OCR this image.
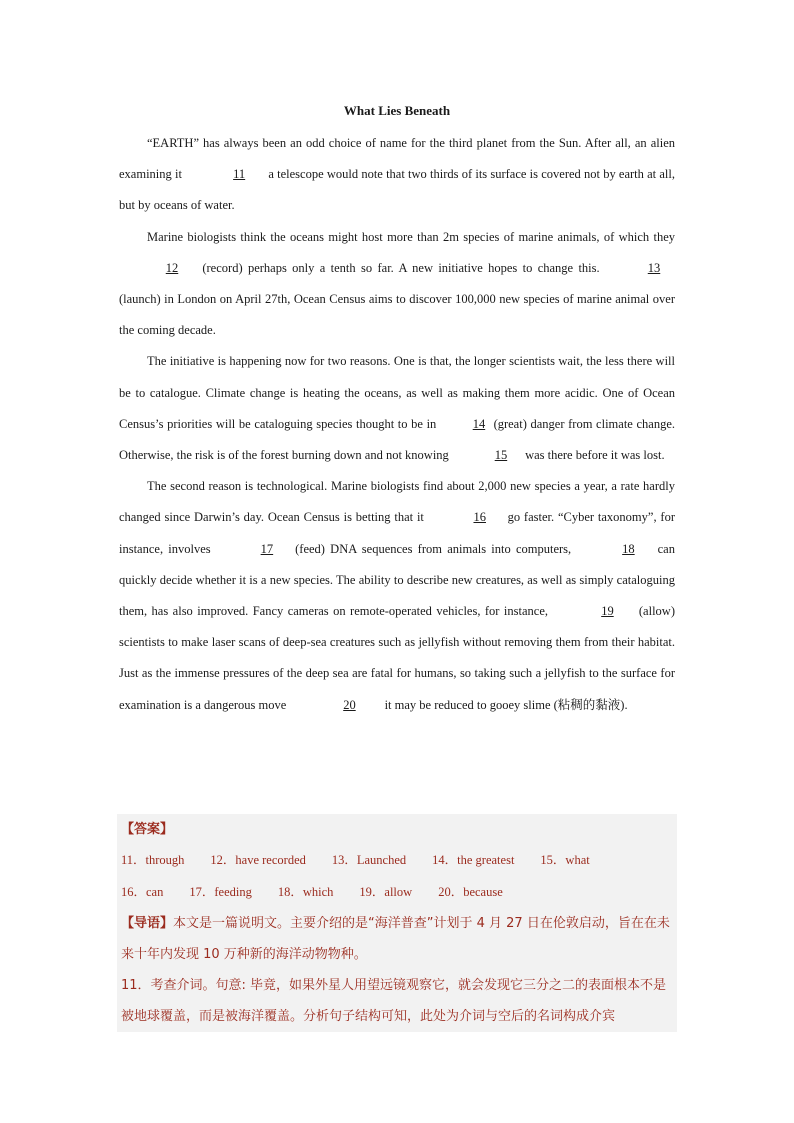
What Lies Beneath

“EARTH” has always been an odd choice of name for the third planet from the Sun. After all, an alien examining it	11 a telescope would note that two thirds of its surface is covered not by earth at all, but by oceans of water.

Marine biologists think the oceans might host more than 2m species of marine animals, of which they 12 (record) perhaps only a tenth so far. A new initiative hopes to change this.	13 (launch) in London on April 27th, Ocean Census aims to discover 100,000 new species of marine animal over the coming decade.

The initiative is happening now for two reasons. One is that, the longer scientists wait, the less there will be to catalogue. Climate change is heating the oceans, as well as making them more acidic. One of Ocean Census’s priorities will be cataloguing species thought to be in	14 (great) danger from climate change. Otherwise, the risk is of the forest burning down and not knowing	15 was there before it was lost.

The second reason is technological. Marine biologists find about 2,000 new species a year, a rate hardly changed since Darwin’s day. Ocean Census is betting that it	16 go faster. “Cyber taxonomy”, for instance, involves	17 (feed) DNA sequences from animals into computers,	18 can quickly decide whether it is a new species. The ability to describe new creatures, as well as simply cataloguing them, has also improved. Fancy cameras on remote-operated vehicles, for instance,	19 (allow) scientists to make laser scans of deep-sea creatures such as jellyfish without removing them from their habitat. Just as the immense pressures of the deep sea are fatal for humans, so taking such a jellyfish to the surface for examination is a dangerous move	20 it may be reduced to gooey slime (粘稠的黏液).

【答案】
11．through 12．have recorded 13．Launched 14．the greatest 15．what
16．can 17．feeding 18．which 19．allow 20．because
【导语】本文是一篇说明文。主要介绍的是“海洋普查”计划于 4 月 27 日在伦敦启动，旨在在未来十年内发现 10 万种新的海洋动物物种。
11．考查介词。句意: 毕竟，如果外星人用望远镜观察它，就会发现它三分之二的表面根本不是被地球覆盖，而是被海洋覆盖。分析句子结构可知，此处为介词与空后的名词构成介宾
